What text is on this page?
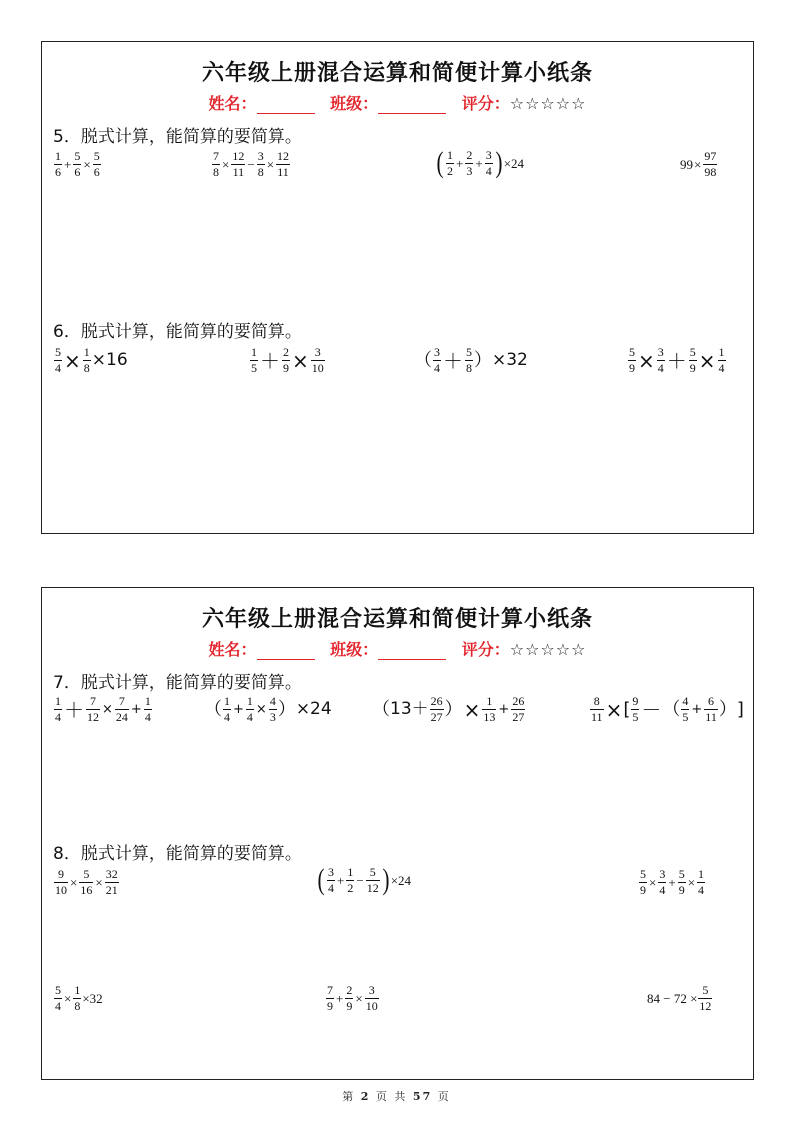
六年级上册混合运算和简便计算小纸条
姓名：	班级：	评分：☆☆☆☆☆
5．脱式计算，能简算的要简算。
$\frac{1}{6} + \frac{5}{6} \times \frac{5}{6}$	$\frac{7}{8} \times \frac{12}{11} - \frac{3}{8} \times \frac{12}{11}$	( $\frac{1}{2} + \frac{2}{3} + \frac{3}{4}$ ) ×24	$99 \times \frac{97}{98}$
6．脱式计算，能简算的要简算。
$\frac{5}{4} \times \frac{1}{8} \times 16$	$\frac{1}{5} + \frac{2}{9} \times \frac{3}{10}$	（ $\frac{3}{4} + \frac{5}{8}$ ） ×32	$\frac{5}{9} \times \frac{3}{4} + \frac{5}{9} \times \frac{1}{4}$
六年级上册混合运算和简便计算小纸条
姓名：	班级：	评分：☆☆☆☆☆
7．脱式计算，能简算的要简算。
$\frac{1}{4} + \frac{7}{12} \times \frac{7}{24} + \frac{1}{4}$	（ $\frac{1}{4} + \frac{1}{4} \times \frac{4}{3}$ ） ×24 （ $13+ \frac{26}{27}$ ） × $\frac{1}{13} + \frac{26}{27}$	$\frac{8}{11}$ × [ $\frac{9}{5}$ － （ $\frac{4}{5} + \frac{6}{11}$ ） ]
8．脱式计算，能简算的要简算。
$\frac{9}{10} \times \frac{5}{16} \times \frac{32}{21}$	( $\frac{3}{4} + \frac{1}{2} - \frac{5}{12}$ ) ×24	$\frac{5}{9} \times \frac{3}{4} + \frac{5}{9} \times \frac{1}{4}$
$\frac{5}{4} \times \frac{1}{8} \times 32$	$\frac{7}{9} + \frac{2}{9} \times \frac{3}{10}$	$84 - 72 \times \frac{5}{12}$
第 2 页 共 57 页
